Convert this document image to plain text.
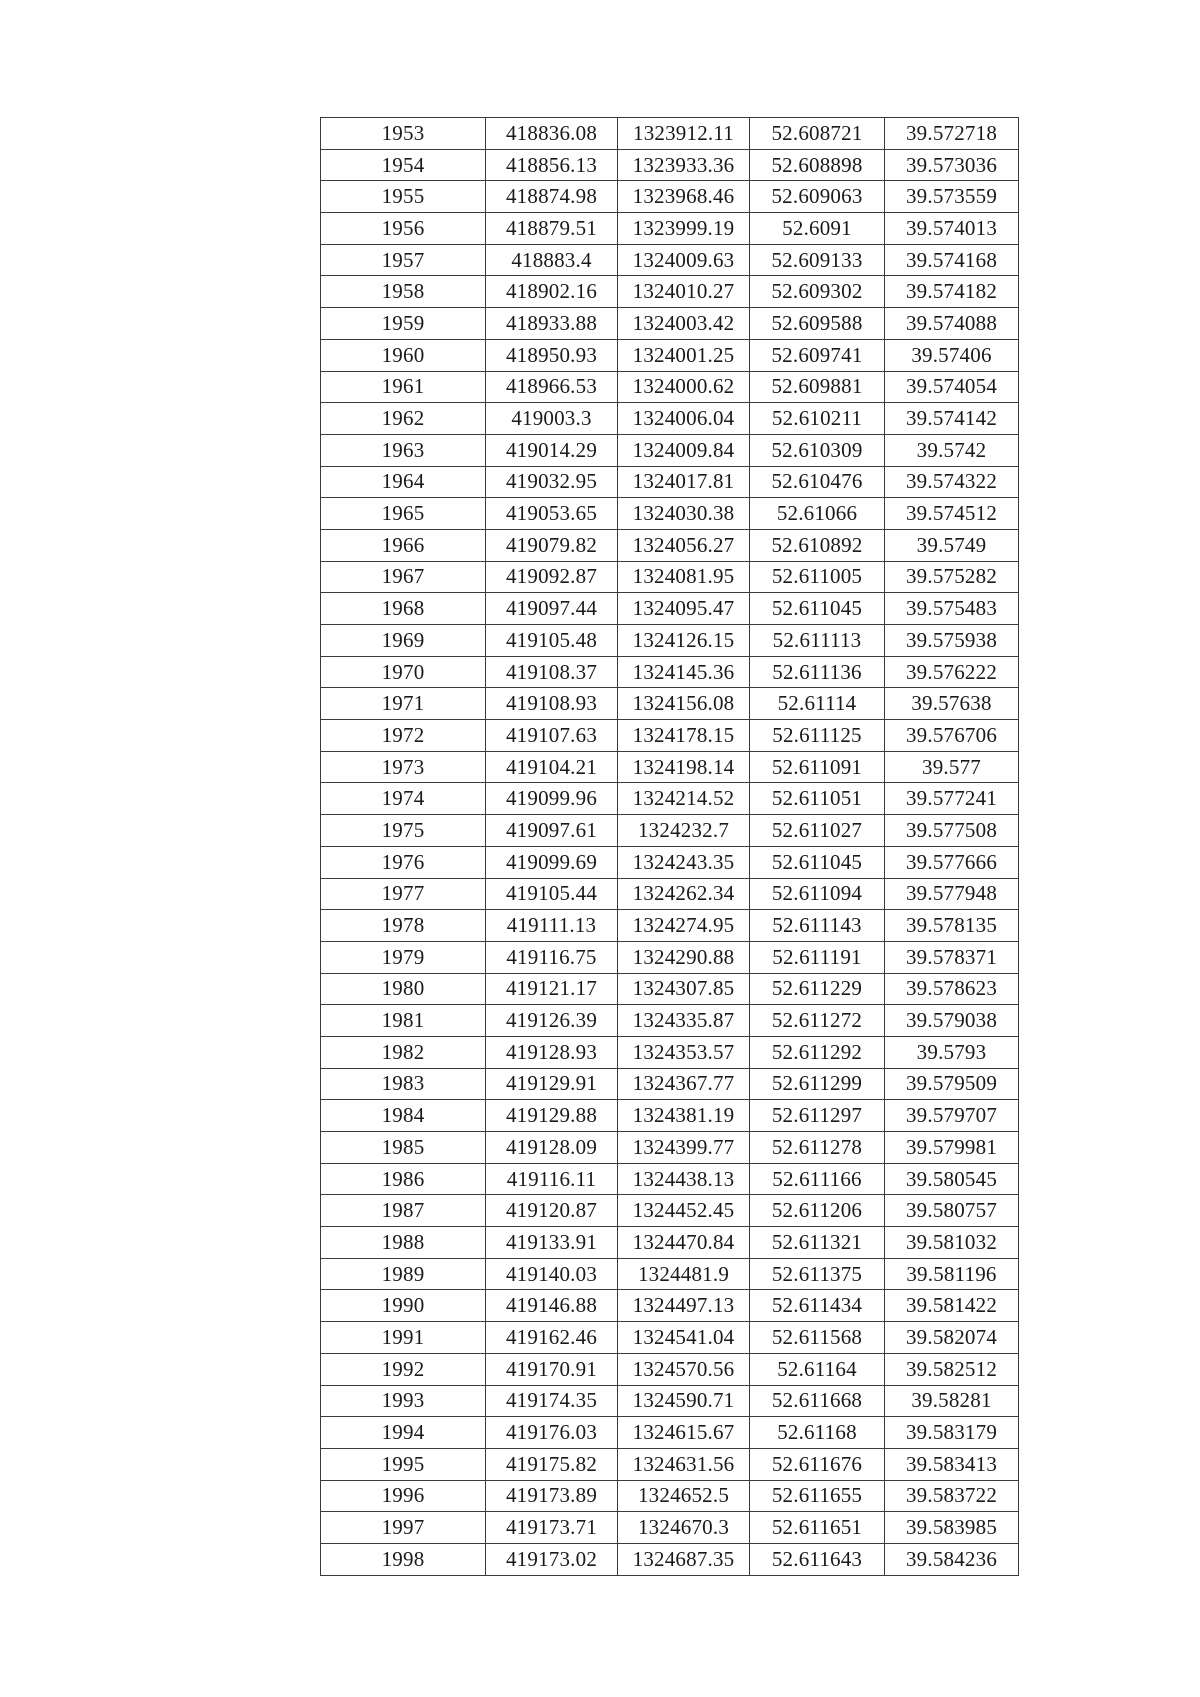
1953	418836.08	1323912.11	52.608721	39.572718
1954	418856.13	1323933.36	52.608898	39.573036
1955	418874.98	1323968.46	52.609063	39.573559
1956	418879.51	1323999.19	52.6091	39.574013
1957	418883.4	1324009.63	52.609133	39.574168
1958	418902.16	1324010.27	52.609302	39.574182
1959	418933.88	1324003.42	52.609588	39.574088
1960	418950.93	1324001.25	52.609741	39.57406
1961	418966.53	1324000.62	52.609881	39.574054
1962	419003.3	1324006.04	52.610211	39.574142
1963	419014.29	1324009.84	52.610309	39.5742
1964	419032.95	1324017.81	52.610476	39.574322
1965	419053.65	1324030.38	52.61066	39.574512
1966	419079.82	1324056.27	52.610892	39.5749
1967	419092.87	1324081.95	52.611005	39.575282
1968	419097.44	1324095.47	52.611045	39.575483
1969	419105.48	1324126.15	52.611113	39.575938
1970	419108.37	1324145.36	52.611136	39.576222
1971	419108.93	1324156.08	52.61114	39.57638
1972	419107.63	1324178.15	52.611125	39.576706
1973	419104.21	1324198.14	52.611091	39.577
1974	419099.96	1324214.52	52.611051	39.577241
1975	419097.61	1324232.7	52.611027	39.577508
1976	419099.69	1324243.35	52.611045	39.577666
1977	419105.44	1324262.34	52.611094	39.577948
1978	419111.13	1324274.95	52.611143	39.578135
1979	419116.75	1324290.88	52.611191	39.578371
1980	419121.17	1324307.85	52.611229	39.578623
1981	419126.39	1324335.87	52.611272	39.579038
1982	419128.93	1324353.57	52.611292	39.5793
1983	419129.91	1324367.77	52.611299	39.579509
1984	419129.88	1324381.19	52.611297	39.579707
1985	419128.09	1324399.77	52.611278	39.579981
1986	419116.11	1324438.13	52.611166	39.580545
1987	419120.87	1324452.45	52.611206	39.580757
1988	419133.91	1324470.84	52.611321	39.581032
1989	419140.03	1324481.9	52.611375	39.581196
1990	419146.88	1324497.13	52.611434	39.581422
1991	419162.46	1324541.04	52.611568	39.582074
1992	419170.91	1324570.56	52.61164	39.582512
1993	419174.35	1324590.71	52.611668	39.58281
1994	419176.03	1324615.67	52.61168	39.583179
1995	419175.82	1324631.56	52.611676	39.583413
1996	419173.89	1324652.5	52.611655	39.583722
1997	419173.71	1324670.3	52.611651	39.583985
1998	419173.02	1324687.35	52.611643	39.584236
